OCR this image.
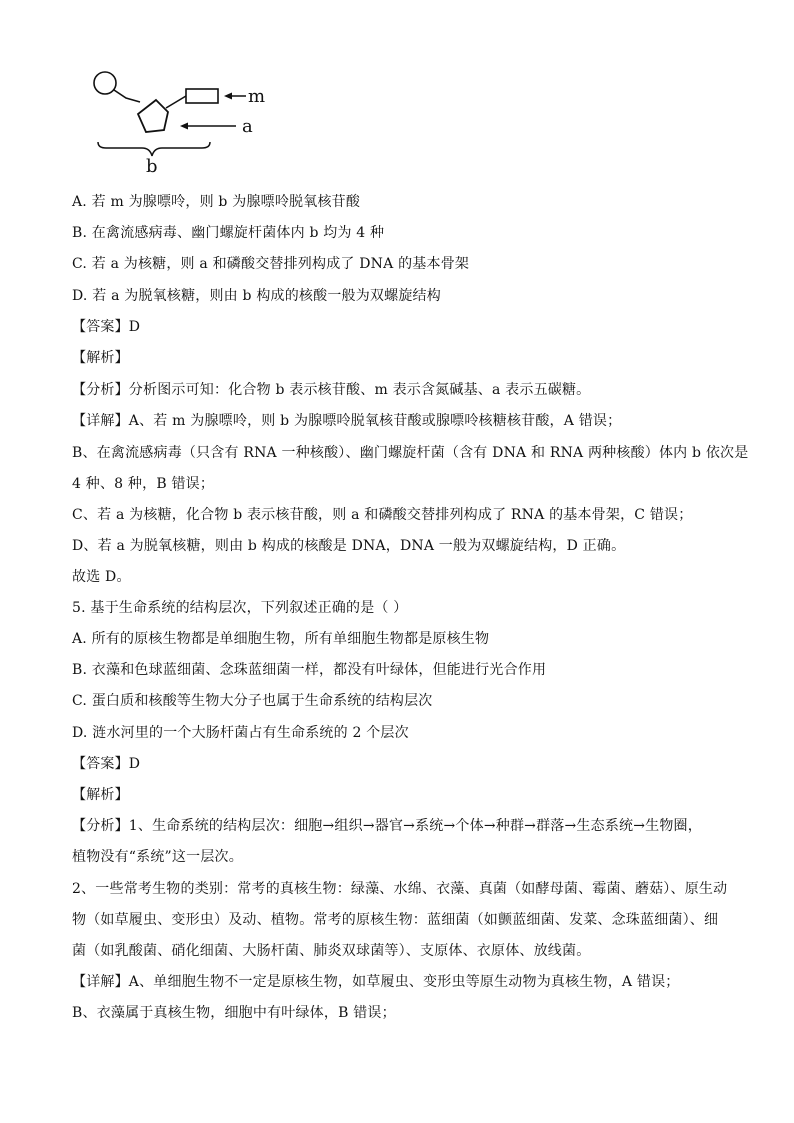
m
a
b
A. 若 m 为腺嘌呤，则 b 为腺嘌呤脱氧核苷酸
B. 在禽流感病毒、幽门螺旋杆菌体内 b 均为 4 种
C. 若 a 为核糖，则 a 和磷酸交替排列构成了 DNA 的基本骨架
D. 若 a 为脱氧核糖，则由 b 构成的核酸一般为双螺旋结构
【答案】D
【解析】
【分析】分析图示可知：化合物 b 表示核苷酸、m 表示含氮碱基、a 表示五碳糖。
【详解】A、若 m 为腺嘌呤，则 b 为腺嘌呤脱氧核苷酸或腺嘌呤核糖核苷酸，A 错误；
B、在禽流感病毒（只含有 RNA 一种核酸）、幽门螺旋杆菌（含有 DNA 和 RNA 两种核酸）体内 b 依次是
4 种、8 种，B 错误；
C、若 a 为核糖，化合物 b 表示核苷酸，则 a 和磷酸交替排列构成了 RNA 的基本骨架，C 错误；
D、若 a 为脱氧核糖，则由 b 构成的核酸是 DNA，DNA 一般为双螺旋结构，D 正确。
故选 D。
5. 基于生命系统的结构层次，下列叙述正确的是（ ）
A. 所有的原核生物都是单细胞生物，所有单细胞生物都是原核生物
B. 衣藻和色球蓝细菌、念珠蓝细菌一样，都没有叶绿体，但能进行光合作用
C. 蛋白质和核酸等生物大分子也属于生命系统的结构层次
D. 涟水河里的一个大肠杆菌占有生命系统的 2 个层次
【答案】D
【解析】
【分析】1、生命系统的结构层次：细胞→组织→器官→系统→个体→种群→群落→生态系统→生物圈，
植物没有“系统”这一层次。
2、一些常考生物的类别：常考的真核生物：绿藻、水绵、衣藻、真菌（如酵母菌、霉菌、蘑菇）、原生动
物（如草履虫、变形虫）及动、植物。常考的原核生物：蓝细菌（如颤蓝细菌、发菜、念珠蓝细菌）、细
菌（如乳酸菌、硝化细菌、大肠杆菌、肺炎双球菌等）、支原体、衣原体、放线菌。
【详解】A、单细胞生物不一定是原核生物，如草履虫、变形虫等原生动物为真核生物，A 错误；
B、衣藻属于真核生物，细胞中有叶绿体，B 错误；
